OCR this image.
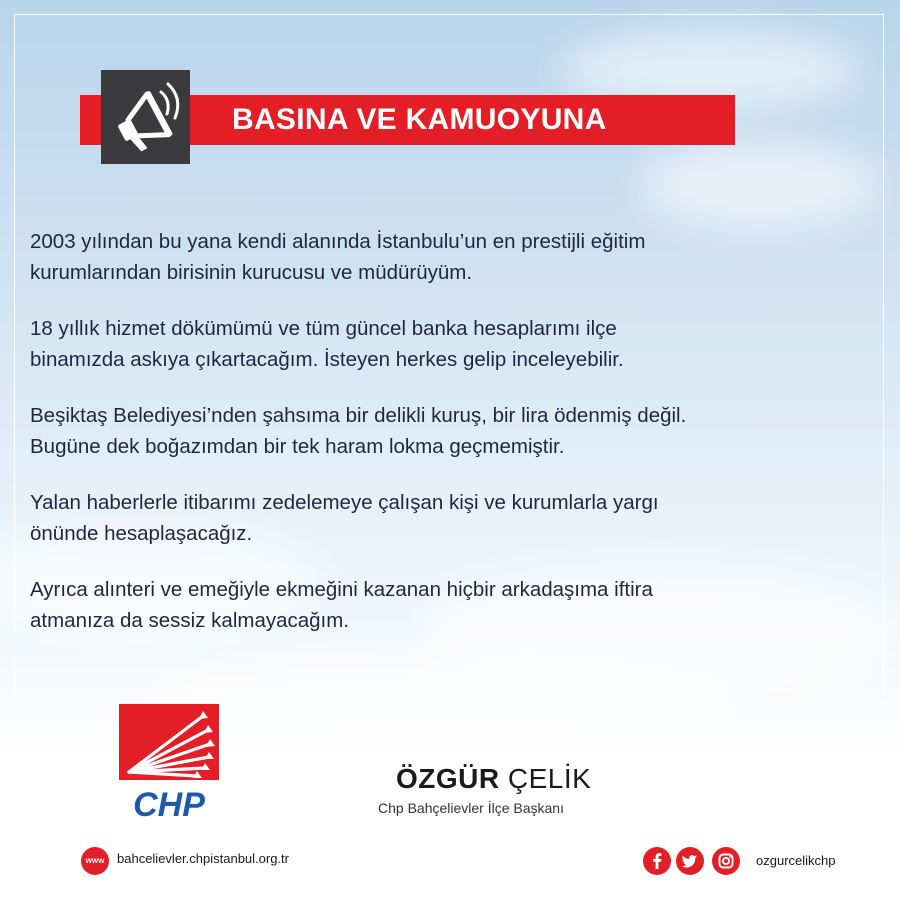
BASINA VE KAMUOYUNA

2003 yılından bu yana kendi alanında İstanbulu’un en prestijli eğitim
kurumlarından birisinin kurucusu ve müdürüyüm.

18 yıllık hizmet dökümümü ve tüm güncel banka hesaplarımı ilçe
binamızda askıya çıkartacağım. İsteyen herkes gelip inceleyebilir.

Beşiktaş Belediyesi’nden şahsıma bir delikli kuruş, bir lira ödenmiş değil.
Bugüne dek boğazımdan bir tek haram lokma geçmemiştir.

Yalan haberlerle itibarımı zedelemeye çalışan kişi ve kurumlarla yargı
önünde hesaplaşacağız.

Ayrıca alınteri ve emeğiyle ekmeğini kazanan hiçbir arkadaşıma iftira
atmanıza da sessiz kalmayacağım.

CHP
ÖZGÜR ÇELİK
Chp Bahçelievler İlçe Başkanı
www bahcelievler.chpistanbul.org.tr	ozgurcelikchp
